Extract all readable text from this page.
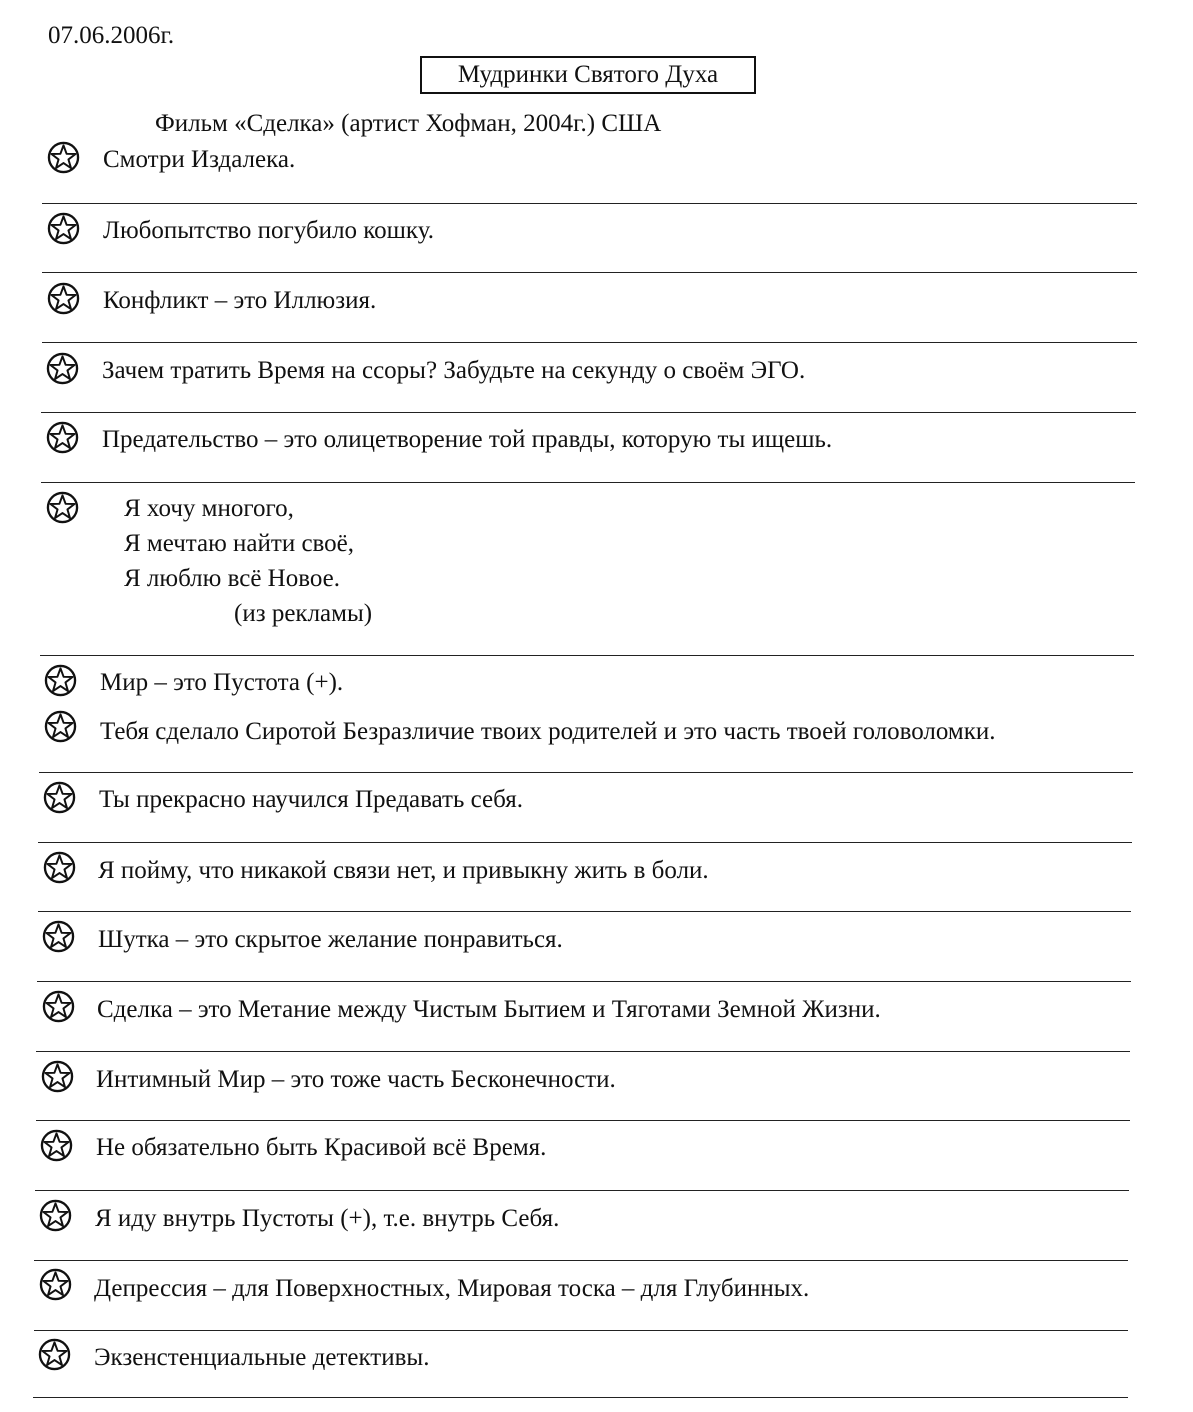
07.06.2006г.
Мудринки Святого Духа
Фильм «Сделка» (артист Хофман, 2004г.) США
Смотри Издалека.
Любопытство погубило кошку.
Конфликт – это Иллюзия.
Зачем тратить Время на ссоры? Забудьте на секунду о своём ЭГО.
Предательство – это олицетворение той правды, которую ты ищешь.
Я хочу многого,
Я мечтаю найти своё,
Я люблю всё Новое.
(из рекламы)
Мир – это Пустота (+).
Тебя сделало Сиротой Безразличие твоих родителей и это часть твоей головоломки.
Ты прекрасно научился Предавать себя.
Я пойму, что никакой связи нет, и привыкну жить в боли.
Шутка – это скрытое желание понравиться.
Сделка – это Метание между Чистым Бытием и Тяготами Земной Жизни.
Интимный Мир – это тоже часть Бесконечности.
Не обязательно быть Красивой всё Время.
Я иду внутрь Пустоты (+), т.е. внутрь Себя.
Депрессия – для Поверхностных, Мировая тоска – для Глубинных.
Экзенстенциальные детективы.
